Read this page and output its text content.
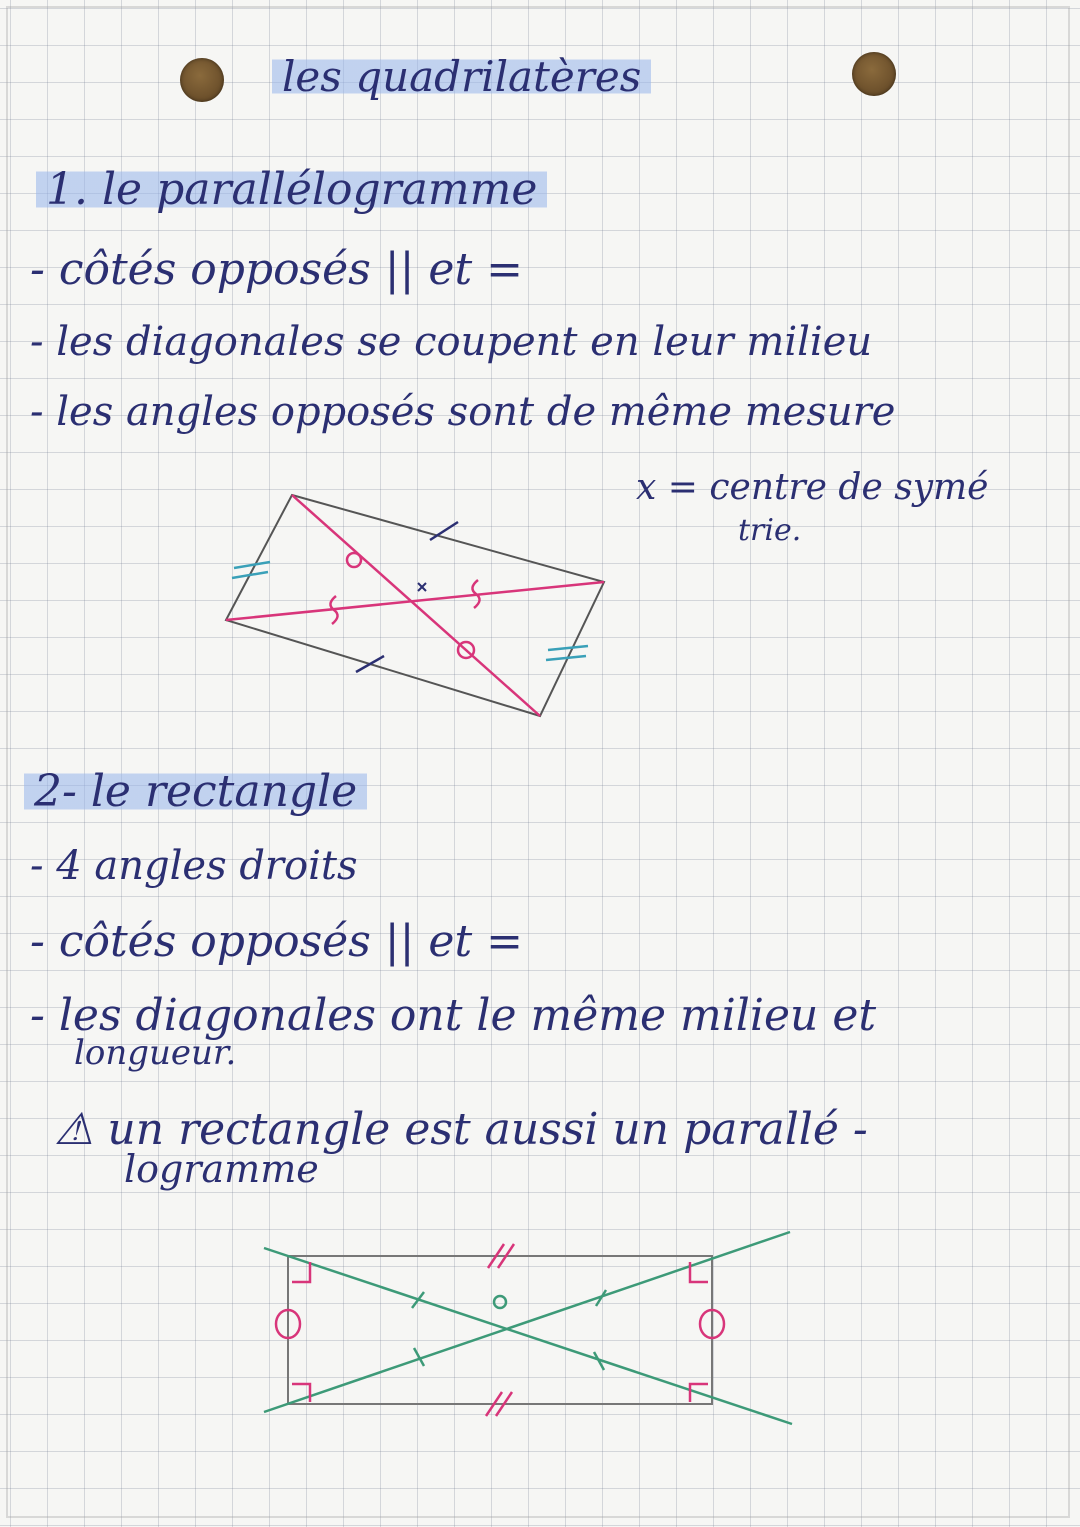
les quadrilatères
1. le parallélogramme
- côtés opposés || et =
- les diagonales se coupent en leur milieu
- les angles opposés sont de même mesure
x = centre de symé
trie.
2- le rectangle
- 4 angles droits
- côtés opposés || et =
- les diagonales ont le même milieu et
longueur.
⚠ un rectangle est aussi un parallé -
logramme
